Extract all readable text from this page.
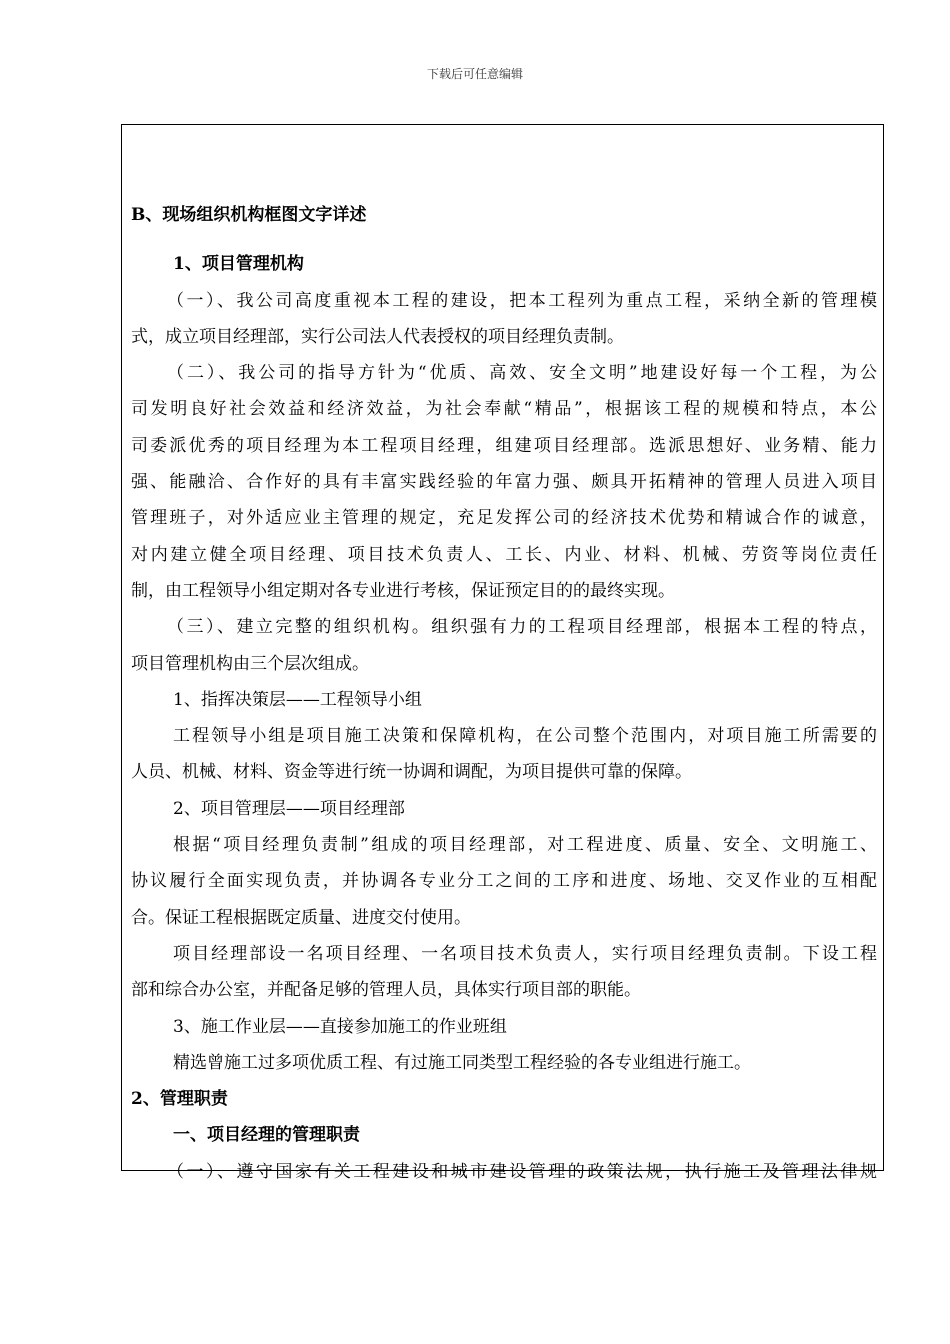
下载后可任意编辑
B、现场组织机构框图文字详述
1、项目管理机构
（一）、我公司高度重视本工程的建设，把本工程列为重点工程，采纳全新的管理模
式，成立项目经理部，实行公司法人代表授权的项目经理负责制。
（二）、我公司的指导方针为“优质、高效、安全文明”地建设好每一个工程，为公
司发明良好社会效益和经济效益，为社会奉献“精品”，根据该工程的规模和特点，本公
司委派优秀的项目经理为本工程项目经理，组建项目经理部。选派思想好、业务精、能力
强、能融洽、合作好的具有丰富实践经验的年富力强、颇具开拓精神的管理人员进入项目
管理班子，对外适应业主管理的规定，充足发挥公司的经济技术优势和精诚合作的诚意，
对内建立健全项目经理、项目技术负责人、工长、内业、材料、机械、劳资等岗位责任
制，由工程领导小组定期对各专业进行考核，保证预定目的的最终实现。
（三）、建立完整的组织机构。组织强有力的工程项目经理部，根据本工程的特点，
项目管理机构由三个层次组成。
1、指挥决策层——工程领导小组
工程领导小组是项目施工决策和保障机构，在公司整个范围内，对项目施工所需要的
人员、机械、材料、资金等进行统一协调和调配，为项目提供可靠的保障。
2、项目管理层——项目经理部
根据“项目经理负责制”组成的项目经理部，对工程进度、质量、安全、文明施工、
协议履行全面实现负责，并协调各专业分工之间的工序和进度、场地、交叉作业的互相配
合。保证工程根据既定质量、进度交付使用。
项目经理部设一名项目经理、一名项目技术负责人，实行项目经理负责制。下设工程
部和综合办公室，并配备足够的管理人员，具体实行项目部的职能。
3、施工作业层——直接参加施工的作业班组
精选曾施工过多项优质工程、有过施工同类型工程经验的各专业组进行施工。
2、管理职责
一、项目经理的管理职责
（一）、遵守国家有关工程建设和城市建设管理的政策法规，执行施工及管理法律规
